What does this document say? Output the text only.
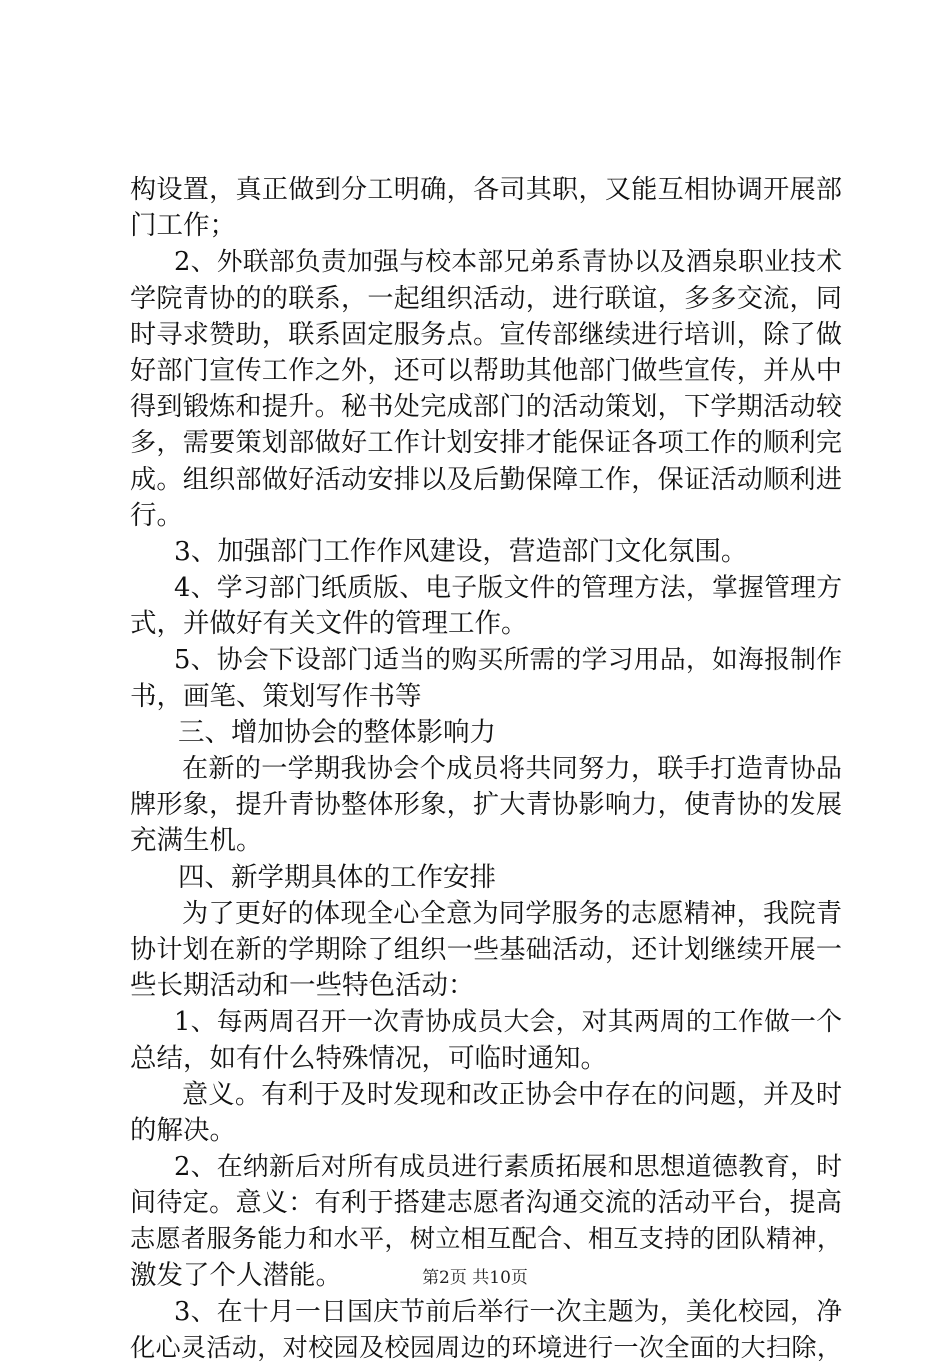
构设置，真正做到分工明确，各司其职，又能互相协调开展部
门工作；
2、外联部负责加强与校本部兄弟系青协以及酒泉职业技术
学院青协的的联系，一起组织活动，进行联谊，多多交流，同
时寻求赞助，联系固定服务点。宣传部继续进行培训，除了做
好部门宣传工作之外，还可以帮助其他部门做些宣传，并从中
得到锻炼和提升。秘书处完成部门的活动策划，下学期活动较
多，需要策划部做好工作计划安排才能保证各项工作的顺利完
成。组织部做好活动安排以及后勤保障工作，保证活动顺利进
行。
3、加强部门工作作风建设，营造部门文化氛围。
4、学习部门纸质版、电子版文件的管理方法，掌握管理方
式，并做好有关文件的管理工作。
5、协会下设部门适当的购买所需的学习用品，如海报制作
书，画笔、策划写作书等
三、增加协会的整体影响力
在新的一学期我协会个成员将共同努力，联手打造青协品
牌形象，提升青协整体形象，扩大青协影响力，使青协的发展
充满生机。
四、新学期具体的工作安排
为了更好的体现全心全意为同学服务的志愿精神，我院青
协计划在新的学期除了组织一些基础活动，还计划继续开展一
些长期活动和一些特色活动：
1、每两周召开一次青协成员大会，对其两周的工作做一个
总结，如有什么特殊情况，可临时通知。
意义。有利于及时发现和改正协会中存在的问题，并及时
的解决。
2、在纳新后对所有成员进行素质拓展和思想道德教育，时
间待定。意义：有利于搭建志愿者沟通交流的活动平台，提高
志愿者服务能力和水平，树立相互配合、相互支持的团队精神，
激发了个人潜能。
3、在十月一日国庆节前后举行一次主题为，美化校园，净
化心灵活动，对校园及校园周边的环境进行一次全面的大扫除，
第2页 共10页
